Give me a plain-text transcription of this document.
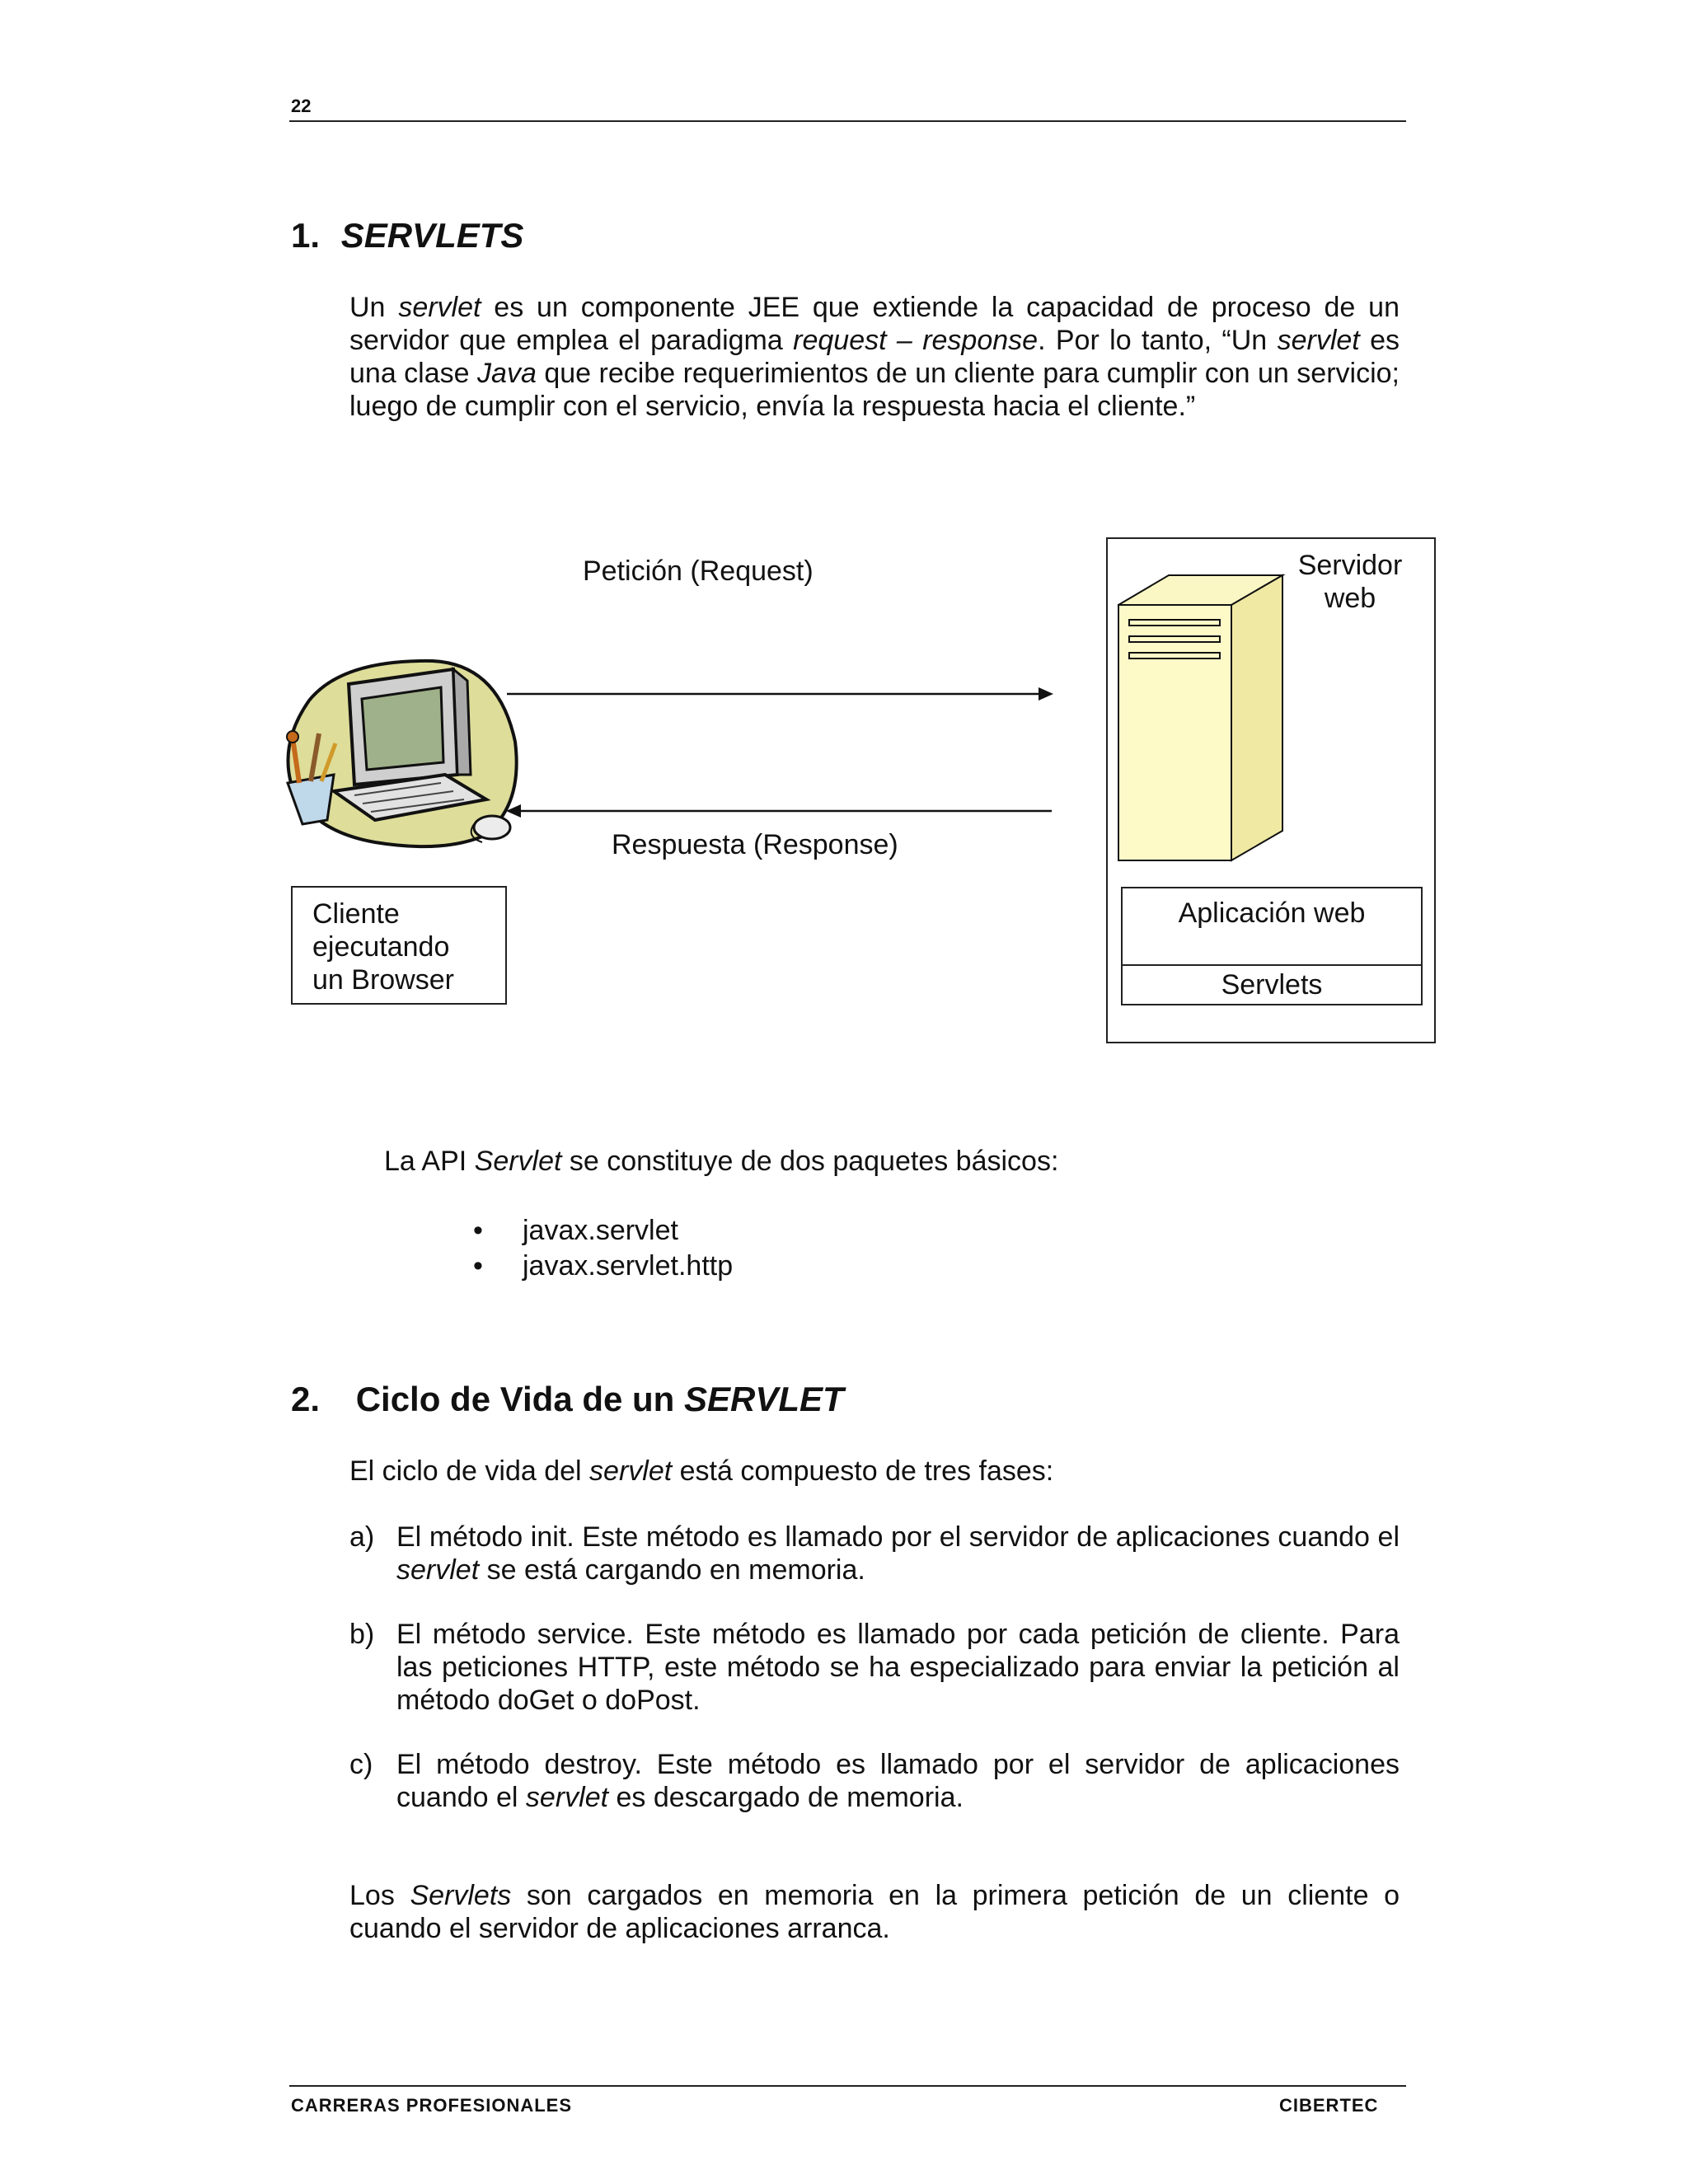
22
1. SERVLETS
Un servlet es un componente JEE que extiende la capacidad de proceso de un servidor que emplea el paradigma request – response. Por lo tanto, “Un servlet es una clase Java que recibe requerimientos de un cliente para cumplir con un servicio; luego de cumplir con el servicio, envía la respuesta hacia el cliente.”
Petición (Request)
Respuesta (Response)
Cliente ejecutando un Browser
Servidor web
Aplicación web
Servlets
La API Servlet se constituye de dos paquetes básicos:
• javax.servlet
• javax.servlet.http
2. Ciclo de Vida de un SERVLET
El ciclo de vida del servlet está compuesto de tres fases:
a) El método init. Este método es llamado por el servidor de aplicaciones cuando el servlet se está cargando en memoria.
b) El método service. Este método es llamado por cada petición de cliente. Para las peticiones HTTP, este método se ha especializado para enviar la petición al método doGet o doPost.
c) El método destroy. Este método es llamado por el servidor de aplicaciones cuando el servlet es descargado de memoria.
Los Servlets son cargados en memoria en la primera petición de un cliente o cuando el servidor de aplicaciones arranca.
CARRERAS PROFESIONALES	CIBERTEC
